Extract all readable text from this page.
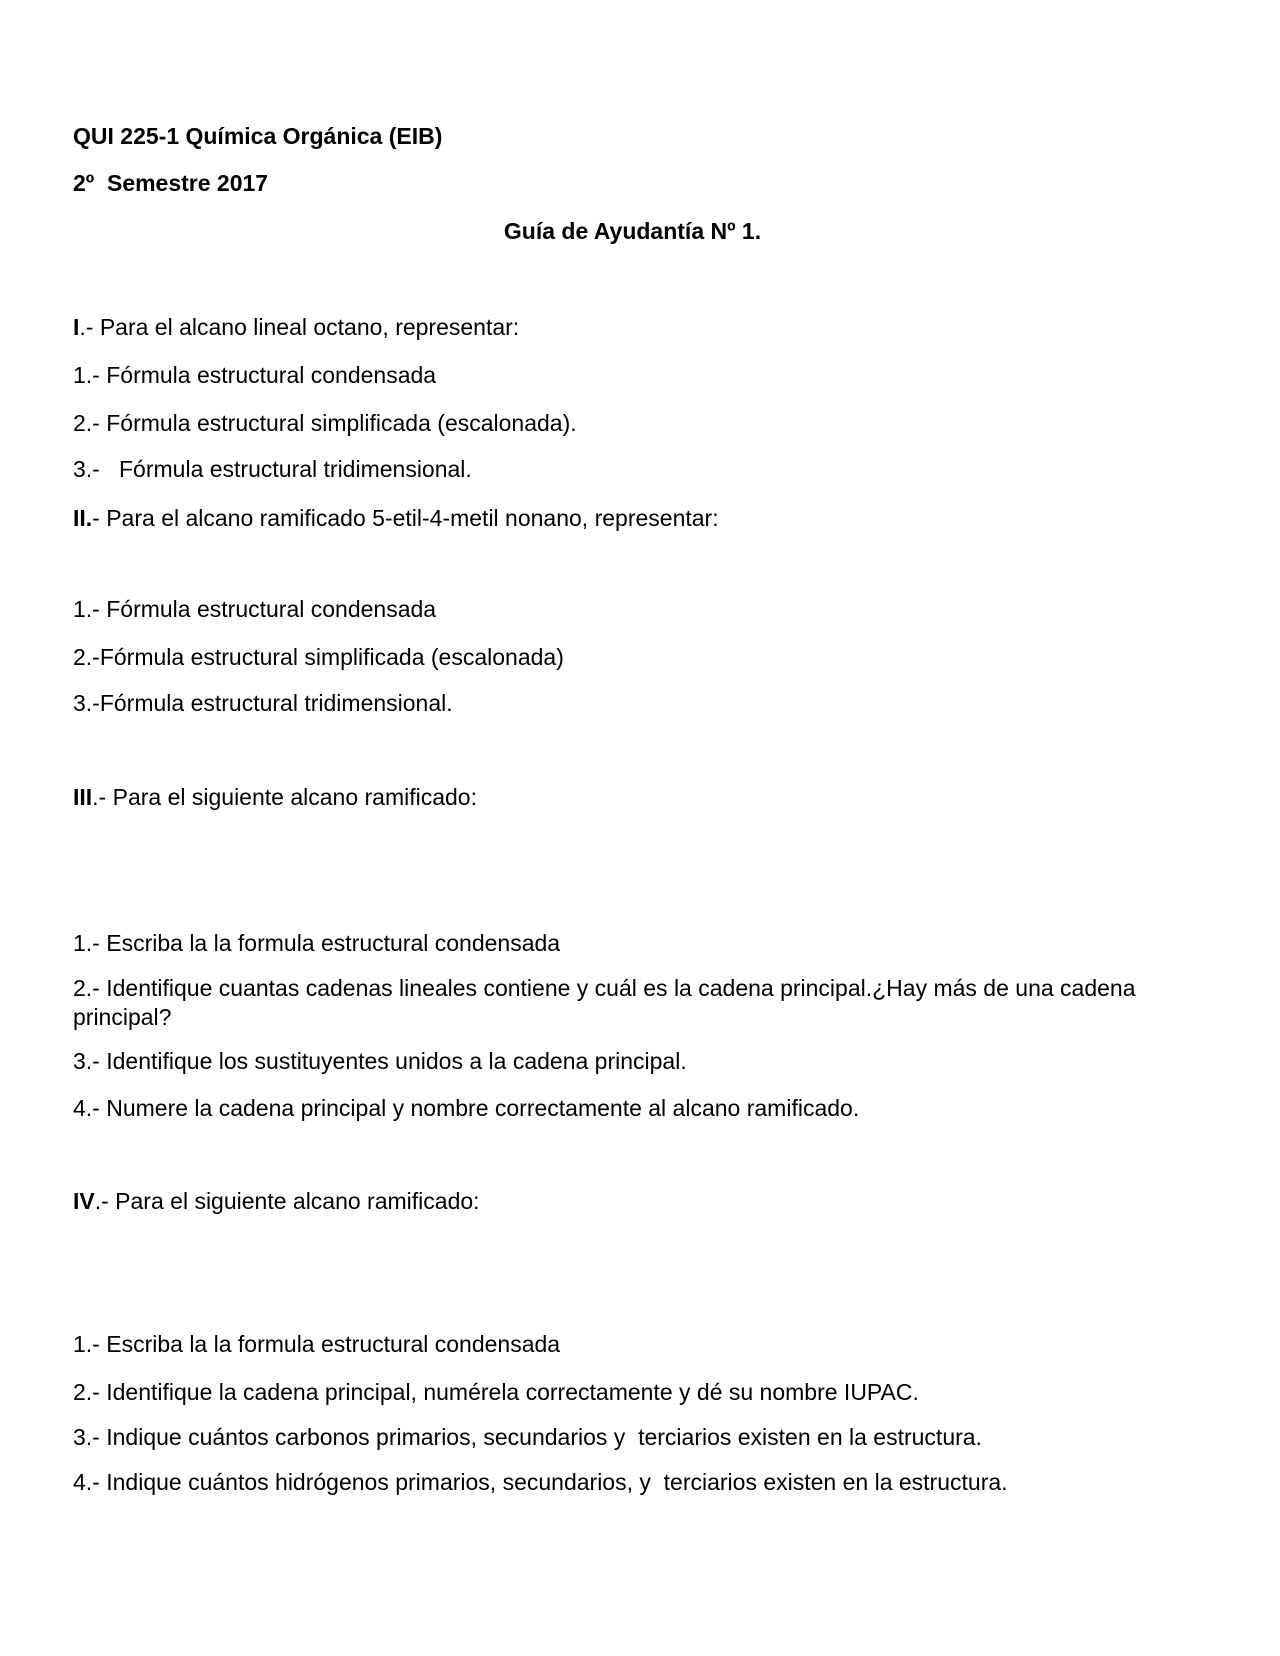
QUI 225-1 Química Orgánica (EIB)

2º  Semestre 2017

Guía de Ayudantía Nº 1.

I.- Para el alcano lineal octano, representar:

1.- Fórmula estructural condensada

2.- Fórmula estructural simplificada (escalonada).

3.-   Fórmula estructural tridimensional.

II.- Para el alcano ramificado 5-etil-4-metil nonano, representar:

1.- Fórmula estructural condensada

2.-Fórmula estructural simplificada (escalonada)

3.-Fórmula estructural tridimensional.

III.- Para el siguiente alcano ramificado:

1.- Escriba la la formula estructural condensada

2.- Identifique cuantas cadenas lineales contiene y cuál es la cadena principal.¿Hay más de una cadena principal?

3.- Identifique los sustituyentes unidos a la cadena principal.

4.- Numere la cadena principal y nombre correctamente al alcano ramificado.

IV.- Para el siguiente alcano ramificado:

1.- Escriba la la formula estructural condensada

2.- Identifique la cadena principal, numérela correctamente y dé su nombre IUPAC.

3.- Indique cuántos carbonos primarios, secundarios y  terciarios existen en la estructura.

4.- Indique cuántos hidrógenos primarios, secundarios, y  terciarios existen en la estructura.
